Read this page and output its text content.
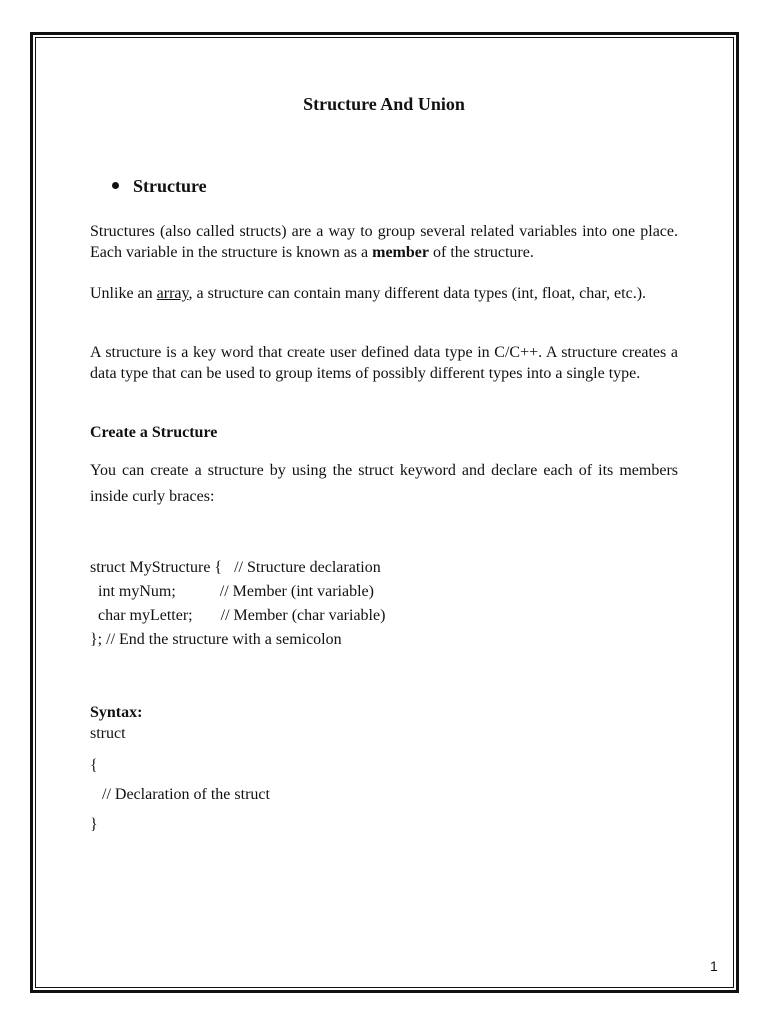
Structure And Union
Structure
Structures (also called structs) are a way to group several related variables into one place. Each variable in the structure is known as a member of the structure.
Unlike an array, a structure can contain many different data types (int, float, char, etc.).
A structure is a key word that create user defined data type in C/C++. A structure creates a data type that can be used to group items of possibly different types into a single type.
Create a Structure
You can create a structure by using the struct keyword and declare each of its members inside curly braces:
struct MyStructure {   // Structure declaration
int myNum;           // Member (int variable)
char myLetter;       // Member (char variable)
}; // End the structure with a semicolon
Syntax:
struct
{
// Declaration of the struct
}
1
